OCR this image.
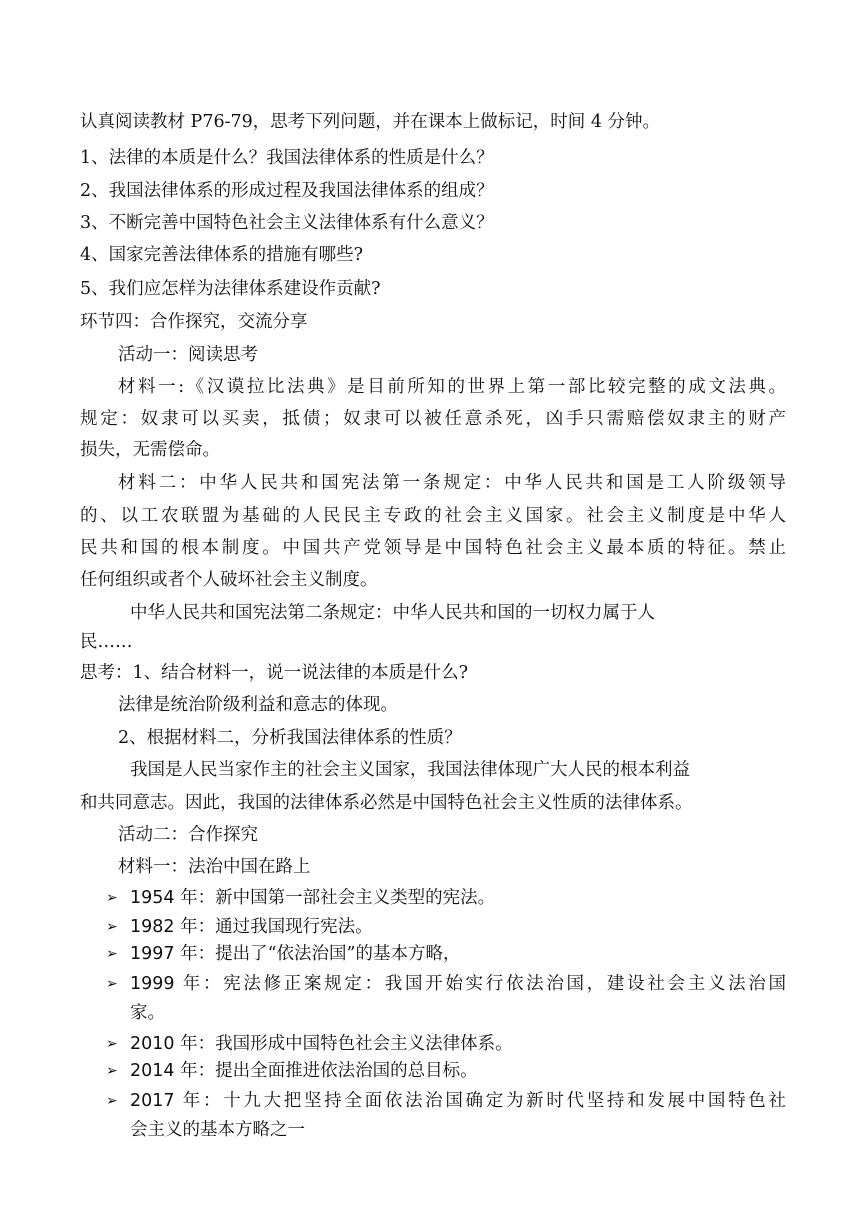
认真阅读教材 P76-79，思考下列问题，并在课本上做标记，时间 4 分钟。
1、法律的本质是什么？我国法律体系的性质是什么？
2、我国法律体系的形成过程及我国法律体系的组成？
3、不断完善中国特色社会主义法律体系有什么意义？
4、国家完善法律体系的措施有哪些?
5、我们应怎样为法律体系建设作贡献?
环节四：合作探究，交流分享
活动一：阅读思考
材料一:《汉谟拉比法典》是目前所知的世界上第一部比较完整的成文法典。
规定：奴隶可以买卖，抵债；奴隶可以被任意杀死，凶手只需赔偿奴隶主的财产
损失，无需偿命。
材料二：中华人民共和国宪法第一条规定：中华人民共和国是工人阶级领导
的、以工农联盟为基础的人民民主专政的社会主义国家。社会主义制度是中华人
民共和国的根本制度。中国共产党领导是中国特色社会主义最本质的特征。禁止
任何组织或者个人破坏社会主义制度。
中华人民共和国宪法第二条规定：中华人民共和国的一切权力属于人
民……
思考：1、结合材料一，说一说法律的本质是什么?
法律是统治阶级利益和意志的体现。
2、根据材料二，分析我国法律体系的性质？
我国是人民当家作主的社会主义国家，我国法律体现广大人民的根本利益
和共同意志。因此，我国的法律体系必然是中国特色社会主义性质的法律体系。
活动二：合作探究
材料一：法治中国在路上
➢ 1954 年：新中国第一部社会主义类型的宪法。
➢ 1982 年：通过我国现行宪法。
➢ 1997 年：提出了“依法治国”的基本方略，
➢ 1999 年：宪法修正案规定：我国开始实行依法治国，建设社会主义法治国
家。
➢ 2010 年：我国形成中国特色社会主义法律体系。
➢ 2014 年：提出全面推进依法治国的总目标。
➢ 2017 年：十九大把坚持全面依法治国确定为新时代坚持和发展中国特色社
会主义的基本方略之一
